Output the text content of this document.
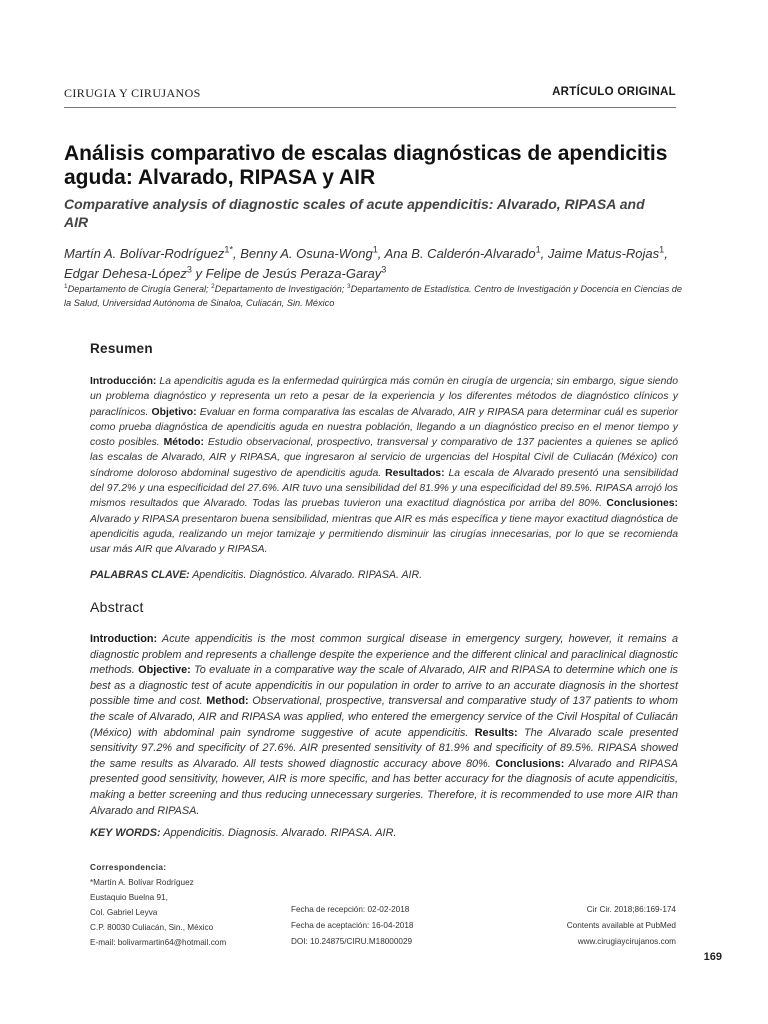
CIRUGIA Y CIRUJANOS	ARTÍCULO ORIGINAL
Análisis comparativo de escalas diagnósticas de apendicitis aguda: Alvarado, RIPASA y AIR
Comparative analysis of diagnostic scales of acute appendicitis: Alvarado, RIPASA and AIR
Martín A. Bolívar-Rodríguez$^{1*}$, Benny A. Osuna-Wong$^1$, Ana B. Calderón-Alvarado$^1$, Jaime Matus-Rojas$^1$, Edgar Dehesa-López$^3$ y Felipe de Jesús Peraza-Garay$^3$
$^1$Departamento de Cirugía General; $^2$Departamento de Investigación; $^3$Departamento de Estadística. Centro de Investigación y Docencia en Ciencias de la Salud, Universidad Autónoma de Sinaloa, Culiacán, Sin. México
Resumen
Introducción: La apendicitis aguda es la enfermedad quirúrgica más común en cirugía de urgencia; sin embargo, sigue siendo un problema diagnóstico y representa un reto a pesar de la experiencia y los diferentes métodos de diagnóstico clínicos y paraclínicos. Objetivo: Evaluar en forma comparativa las escalas de Alvarado, AIR y RIPASA para determinar cuál es superior como prueba diagnóstica de apendicitis aguda en nuestra población, llegando a un diagnóstico preciso en el menor tiempo y costo posibles. Método: Estudio observacional, prospectivo, transversal y comparativo de 137 pacientes a quienes se aplicó las escalas de Alvarado, AIR y RIPASA, que ingresaron al servicio de urgencias del Hospital Civil de Culiacán (México) con síndrome doloroso abdominal sugestivo de apendicitis aguda. Resultados: La escala de Alvarado presentó una sensibilidad del 97.2% y una especificidad del 27.6%. AIR tuvo una sensibilidad del 81.9% y una especificidad del 89.5%. RIPASA arrojó los mismos resultados que Alvarado. Todas las pruebas tuvieron una exactitud diagnóstica por arriba del 80%. Conclusiones: Alvarado y RIPASA presentaron buena sensibilidad, mientras que AIR es más específica y tiene mayor exactitud diagnóstica de apendicitis aguda, realizando un mejor tamizaje y permitiendo disminuir las cirugías innecesarias, por lo que se recomienda usar más AIR que Alvarado y RIPASA.
PALABRAS CLAVE: Apendicitis. Diagnóstico. Alvarado. RIPASA. AIR.
Abstract
Introduction: Acute appendicitis is the most common surgical disease in emergency surgery, however, it remains a diagnostic problem and represents a challenge despite the experience and the different clinical and paraclinical diagnostic methods. Objective: To evaluate in a comparative way the scale of Alvarado, AIR and RIPASA to determine which one is best as a diagnostic test of acute appendicitis in our population in order to arrive to an accurate diagnosis in the shortest possible time and cost. Method: Observational, prospective, transversal and comparative study of 137 patients to whom the scale of Alvarado, AIR and RIPASA was applied, who entered the emergency service of the Civil Hospital of Culiacán (México) with abdominal pain syndrome suggestive of acute appendicitis. Results: The Alvarado scale presented sensitivity 97.2% and specificity of 27.6%. AIR presented sensitivity of 81.9% and specificity of 89.5%. RIPASA showed the same results as Alvarado. All tests showed diagnostic accuracy above 80%. Conclusions: Alvarado and RIPASA presented good sensitivity, however, AIR is more specific, and has better accuracy for the diagnosis of acute appendicitis, making a better screening and thus reducing unnecessary surgeries. Therefore, it is recommended to use more AIR than Alvarado and RIPASA.
KEY WORDS: Appendicitis. Diagnosis. Alvarado. RIPASA. AIR.
Correspondencia:
*Martín A. Bolívar Rodríguez
Eustaquio Buelna 91,
Col. Gabriel Leyva
C.P. 80030 Culiacán, Sin., México
E-mail: bolivarmartin64@hotmail.com
Fecha de recepción: 02-02-2018
Fecha de aceptación: 16-04-2018
DOI: 10.24875/CIRU.M18000029
Cir Cir. 2018;86:169-174
Contents available at PubMed
www.cirugiaycirujanos.com
169
